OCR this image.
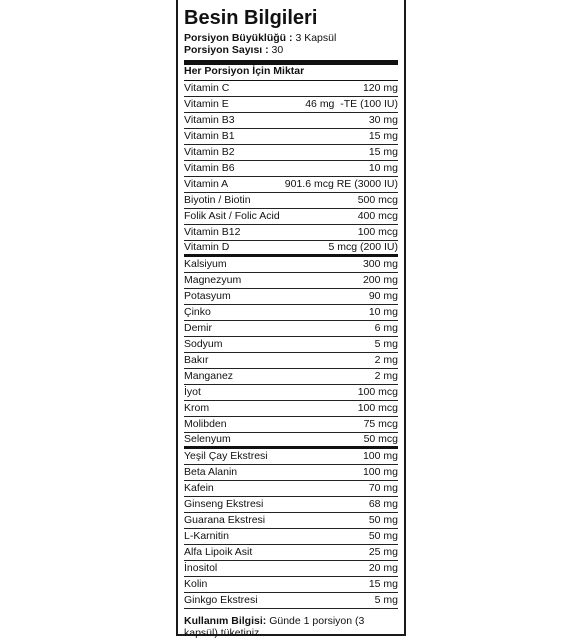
Besin Bilgileri
Porsiyon Büyüklüğü : 3 Kapsül
Porsiyon Sayısı : 30
Her Porsiyon İçin Miktar
Vitamin C	120 mg
Vitamin E	46 mg  -TE (100 IU)
Vitamin B3	30 mg
Vitamin B1	15 mg
Vitamin B2	15 mg
Vitamin B6	10 mg
Vitamin A	901.6 mcg RE (3000 IU)
Biyotin / Biotin	500 mcg
Folik Asit / Folic Acid	400 mcg
Vitamin B12	100 mcg
Vitamin D	5 mcg (200 IU)
Kalsiyum	300 mg
Magnezyum	200 mg
Potasyum	90 mg
Çinko	10 mg
Demir	6 mg
Sodyum	5 mg
Bakır	2 mg
Manganez	2 mg
İyot	100 mcg
Krom	100 mcg
Molibden	75 mcg
Selenyum	50 mcg
Yeşil Çay Ekstresi	100 mg
Beta Alanin	100 mg
Kafein	70 mg
Ginseng Ekstresi	68 mg
Guarana Ekstresi	50 mg
L-Karnitin	50 mg
Alfa Lipoik Asit	25 mg
İnositol	20 mg
Kolin	15 mg
Ginkgo Ekstresi	5 mg
Kullanım Bilgisi: Günde 1 porsiyon (3 kapsül) tüketiniz.
